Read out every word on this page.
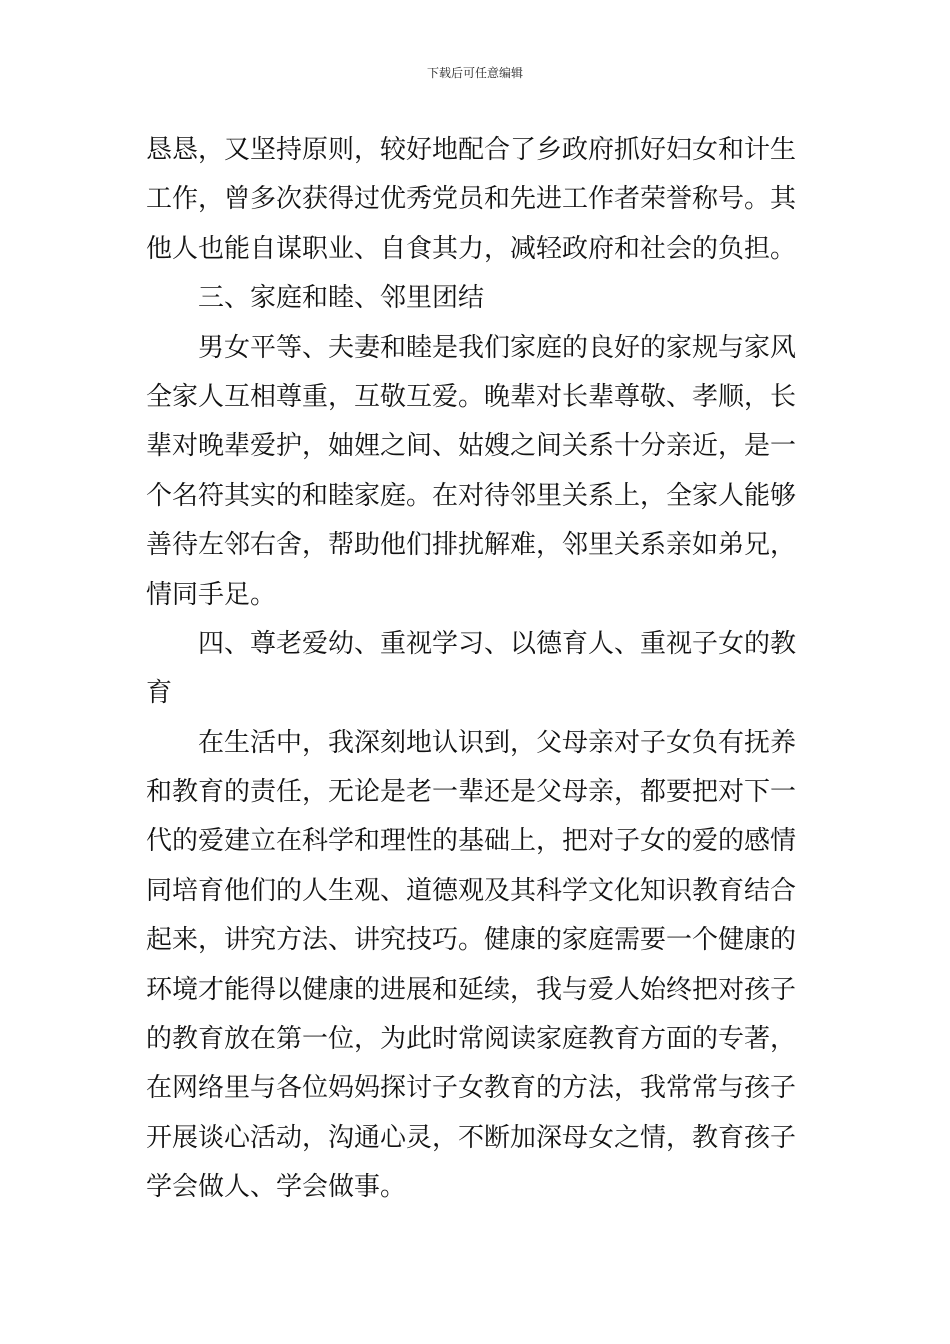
下载后可任意编辑
恳恳，又坚持原则，较好地配合了乡政府抓好妇女和计生
工作，曾多次获得过优秀党员和先进工作者荣誉称号。其
他人也能自谋职业、自食其力，减轻政府和社会的负担。
三、家庭和睦、邻里团结
男女平等、夫妻和睦是我们家庭的良好的家规与家风
全家人互相尊重，互敬互爱。晚辈对长辈尊敬、孝顺，长
辈对晚辈爱护，妯娌之间、姑嫂之间关系十分亲近，是一
个名符其实的和睦家庭。在对待邻里关系上，全家人能够
善待左邻右舍，帮助他们排扰解难，邻里关系亲如弟兄，
情同手足。
四、尊老爱幼、重视学习、以德育人、重视子女的教
育
在生活中，我深刻地认识到，父母亲对子女负有抚养
和教育的责任，无论是老一辈还是父母亲，都要把对下一
代的爱建立在科学和理性的基础上，把对子女的爱的感情
同培育他们的人生观、道德观及其科学文化知识教育结合
起来，讲究方法、讲究技巧。健康的家庭需要一个健康的
环境才能得以健康的进展和延续，我与爱人始终把对孩子
的教育放在第一位，为此时常阅读家庭教育方面的专著，
在网络里与各位妈妈探讨子女教育的方法，我常常与孩子
开展谈心活动，沟通心灵，不断加深母女之情，教育孩子
学会做人、学会做事。
